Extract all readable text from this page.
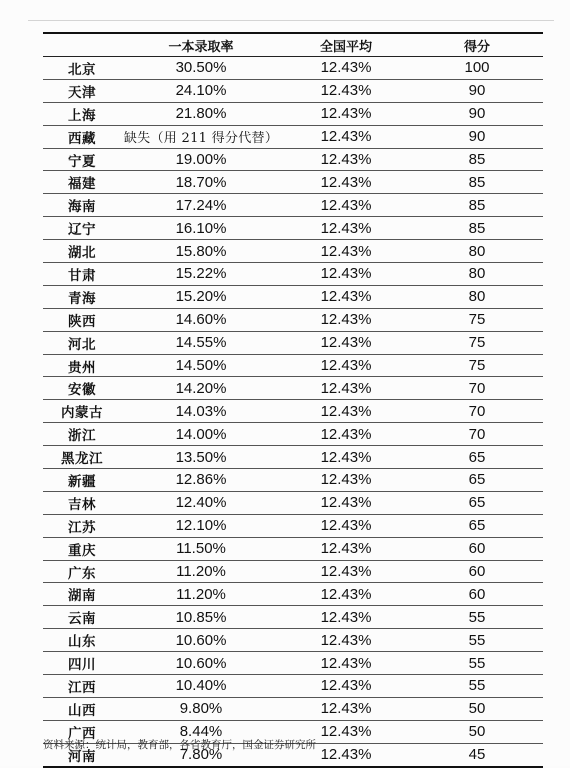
	一本录取率	全国平均	得分
北京	30.50%	12.43%	100
天津	24.10%	12.43%	90
上海	21.80%	12.43%	90
西藏	缺失（用 211 得分代替）	12.43%	90
宁夏	19.00%	12.43%	85
福建	18.70%	12.43%	85
海南	17.24%	12.43%	85
辽宁	16.10%	12.43%	85
湖北	15.80%	12.43%	80
甘肃	15.22%	12.43%	80
青海	15.20%	12.43%	80
陕西	14.60%	12.43%	75
河北	14.55%	12.43%	75
贵州	14.50%	12.43%	75
安徽	14.20%	12.43%	70
内蒙古	14.03%	12.43%	70
浙江	14.00%	12.43%	70
黑龙江	13.50%	12.43%	65
新疆	12.86%	12.43%	65
吉林	12.40%	12.43%	65
江苏	12.10%	12.43%	65
重庆	11.50%	12.43%	60
广东	11.20%	12.43%	60
湖南	11.20%	12.43%	60
云南	10.85%	12.43%	55
山东	10.60%	12.43%	55
四川	10.60%	12.43%	55
江西	10.40%	12.43%	55
山西	9.80%	12.43%	50
广西	8.44%	12.43%	50
河南	7.80%	12.43%	45
资料来源：统计局，教育部，各省教育厅，国金证券研究所
